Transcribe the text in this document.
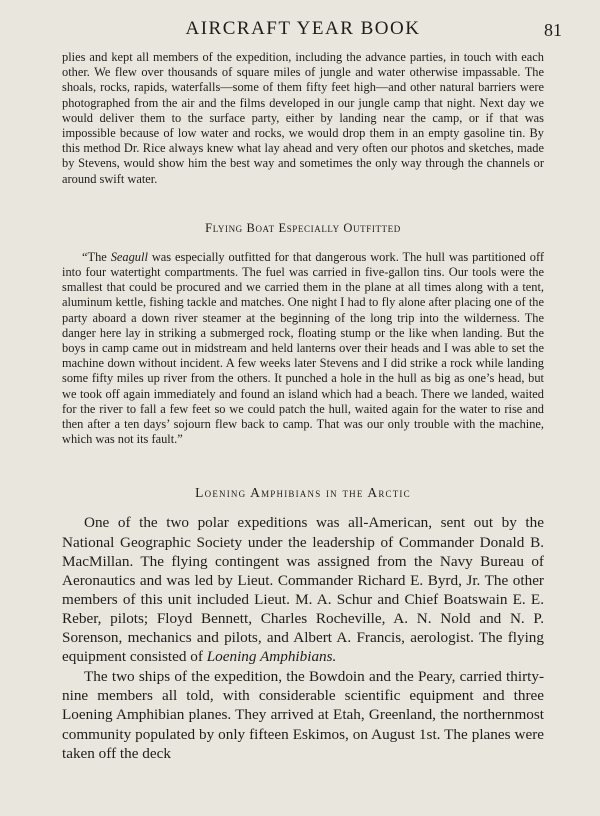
AIRCRAFT YEAR BOOK	81

plies and kept all members of the expedition, including the advance parties, in touch with each other. We flew over thousands of square miles of jungle and water otherwise impassable. The shoals, rocks, rapids, waterfalls—some of them fifty feet high—and other natural barriers were photographed from the air and the films developed in our jungle camp that night. Next day we would deliver them to the surface party, either by landing near the camp, or if that was impossible because of low water and rocks, we would drop them in an empty gasoline tin. By this method Dr. Rice always knew what lay ahead and very often our photos and sketches, made by Stevens, would show him the best way and sometimes the only way through the channels or around swift water.

Flying Boat Especially Outfitted

“The Seagull was especially outfitted for that dangerous work. The hull was partitioned off into four watertight compartments. The fuel was carried in five-gallon tins. Our tools were the smallest that could be procured and we carried them in the plane at all times along with a tent, aluminum kettle, fishing tackle and matches. One night I had to fly alone after placing one of the party aboard a down river steamer at the beginning of the long trip into the wilderness. The danger here lay in striking a submerged rock, floating stump or the like when landing. But the boys in camp came out in midstream and held lanterns over their heads and I was able to set the machine down without incident. A few weeks later Stevens and I did strike a rock while landing some fifty miles up river from the others. It punched a hole in the hull as big as one’s head, but we took off again immediately and found an island which had a beach. There we landed, waited for the river to fall a few feet so we could patch the hull, waited again for the water to rise and then after a ten days’ sojourn flew back to camp. That was our only trouble with the machine, which was not its fault.”

Loening Amphibians in the Arctic

One of the two polar expeditions was all-American, sent out by the National Geographic Society under the leadership of Commander Donald B. MacMillan. The flying contingent was assigned from the Navy Bureau of Aeronautics and was led by Lieut. Commander Richard E. Byrd, Jr. The other members of this unit included Lieut. M. A. Schur and Chief Boatswain E. E. Reber, pilots; Floyd Bennett, Charles Rocheville, A. N. Nold and N. P. Sorenson, mechanics and pilots, and Albert A. Francis, aerologist. The flying equipment consisted of Loening Amphibians.

The two ships of the expedition, the Bowdoin and the Peary, carried thirty-nine members all told, with considerable scientific equipment and three Loening Amphibian planes. They arrived at Etah, Greenland, the northernmost community populated by only fifteen Eskimos, on August 1st. The planes were taken off the deck
